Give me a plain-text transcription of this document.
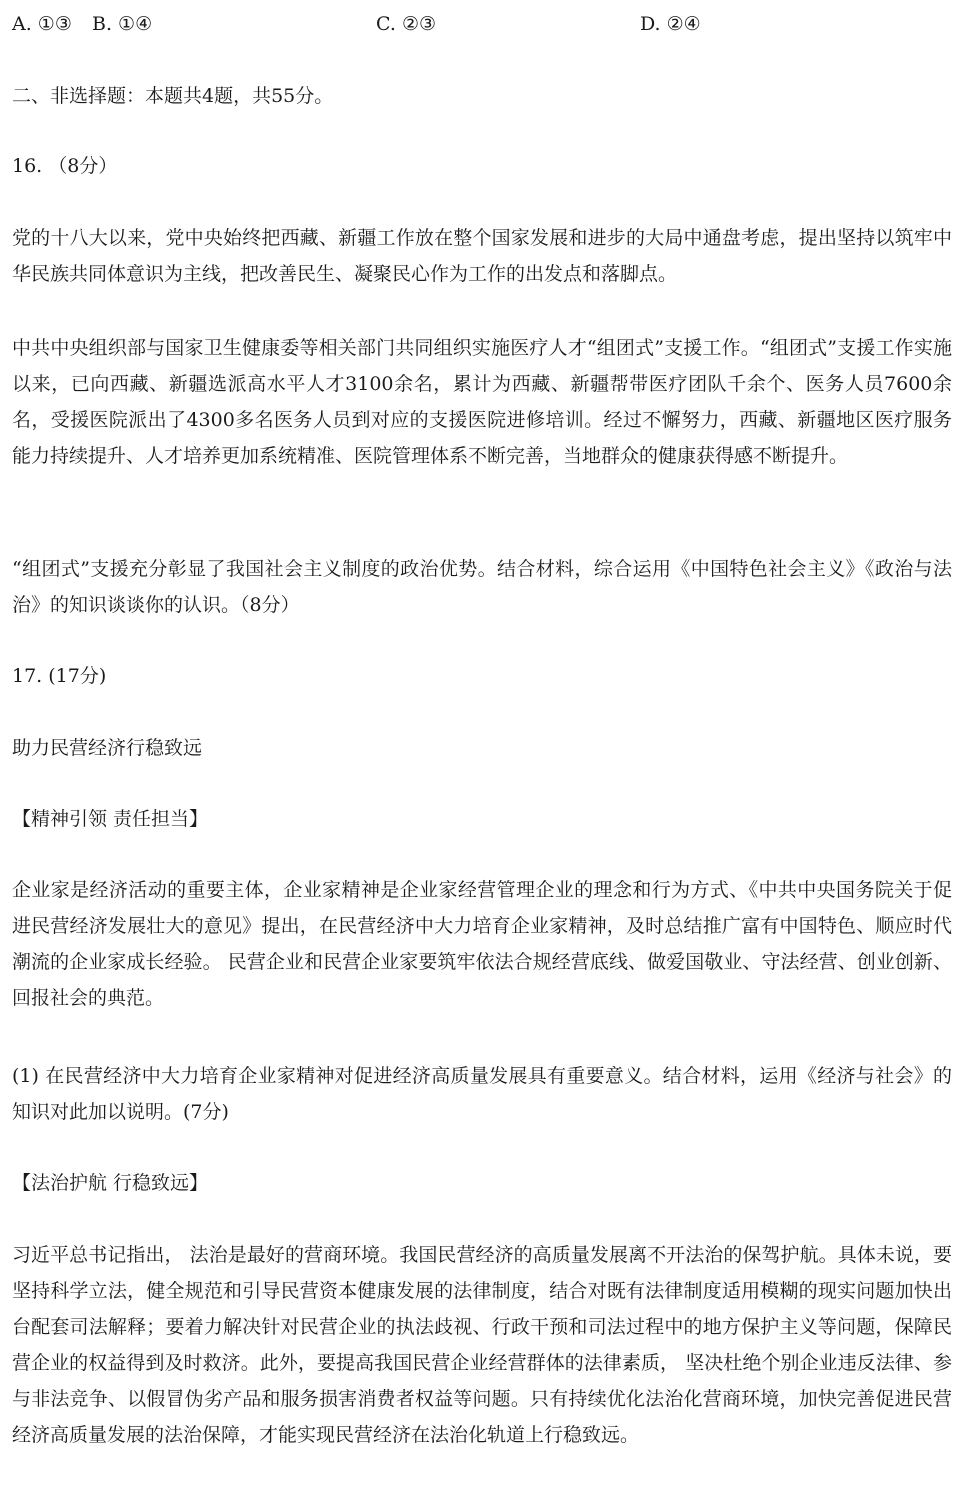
A. ①③ B. ①④	C. ②③	D. ②④
二、非选择题：本题共4题，共55分。
16. （8分）
党的十八大以来，党中央始终把西藏、新疆工作放在整个国家发展和进步的大局中通盘考虑，提出坚持以筑牢中华民族共同体意识为主线，把改善民生、凝聚民心作为工作的出发点和落脚点。
中共中央组织部与国家卫生健康委等相关部门共同组织实施医疗人才“组团式”支援工作。“组团式”支援工作实施以来，已向西藏、新疆选派高水平人才3100余名，累计为西藏、新疆帮带医疗团队千余个、医务人员7600余名，受援医院派出了4300多名医务人员到对应的支援医院进修培训。经过不懈努力，西藏、新疆地区医疗服务能力持续提升、人才培养更加系统精准、医院管理体系不断完善，当地群众的健康获得感不断提升。
“组团式”支援充分彰显了我国社会主义制度的政治优势。结合材料，综合运用《中国特色社会主义》《政治与法治》的知识谈谈你的认识。（8分）
17. (17分)
助力民营经济行稳致远
【精神引领 责任担当】
企业家是经济活动的重要主体，企业家精神是企业家经营管理企业的理念和行为方式、《中共中央国务院关于促进民营经济发展壮大的意见》提出，在民营经济中大力培育企业家精神，及时总结推广富有中国特色、顺应时代潮流的企业家成长经验。 民营企业和民营企业家要筑牢依法合规经营底线、做爱国敬业、守法经营、创业创新、回报社会的典范。
(1) 在民营经济中大力培育企业家精神对促进经济高质量发展具有重要意义。结合材料，运用《经济与社会》的知识对此加以说明。(7分)
【法治护航 行稳致远】
习近平总书记指出， 法治是最好的营商环境。我国民营经济的高质量发展离不开法治的保驾护航。具体未说，要坚持科学立法，健全规范和引导民营资本健康发展的法律制度，结合对既有法律制度适用模糊的现实问题加快出台配套司法解释；要着力解决针对民营企业的执法歧视、行政干预和司法过程中的地方保护主义等问题，保障民营企业的权益得到及时救济。此外，要提高我国民营企业经营群体的法律素质， 坚决杜绝个别企业违反法律、参与非法竞争、以假冒伪劣产品和服务损害消费者权益等问题。只有持续优化法治化营商环境，加快完善促进民营经济高质量发展的法治保障，才能实现民营经济在法治化轨道上行稳致远。
